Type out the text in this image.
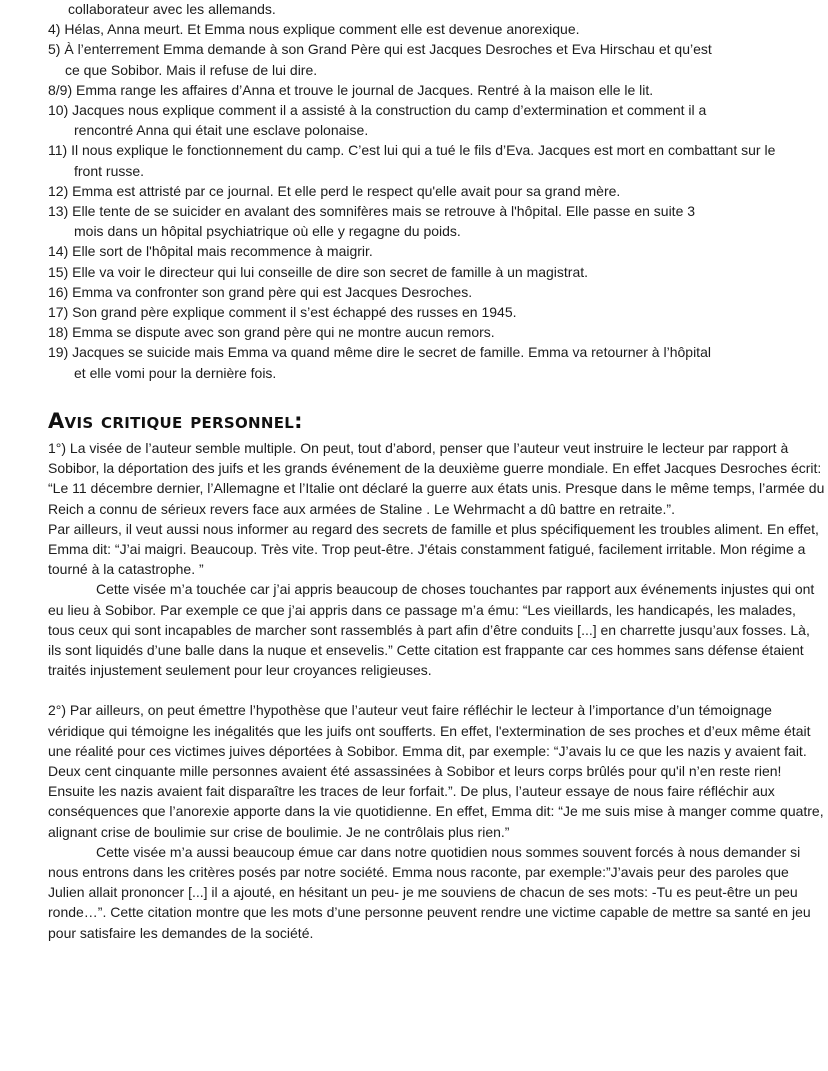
collaborateur avec les allemands.
4) Hélas, Anna meurt. Et Emma nous explique comment elle est devenue anorexique.
5) À l’enterrement Emma demande à son Grand Père qui est Jacques Desroches et Eva Hirschau et qu’est
ce que Sobibor. Mais il refuse de lui dire.
8/9) Emma range les affaires d’Anna et trouve le journal de Jacques. Rentré à la maison elle le lit.
10) Jacques nous explique comment il a assisté à la construction du camp d’extermination et comment il a
rencontré Anna qui était une esclave polonaise.
11) Il nous explique le fonctionnement du camp. C’est lui qui a tué le fils d’Eva. Jacques est mort en combattant sur le
front russe.
12) Emma est attristé par ce journal. Et elle perd le respect qu'elle avait pour sa grand mère.
13) Elle tente de se suicider en avalant des somnifères mais se retrouve à l'hôpital. Elle passe en suite 3
mois dans un hôpital psychiatrique où elle y regagne du poids.
14) Elle sort de l'hôpital mais recommence à maigrir.
15) Elle va voir le directeur qui lui conseille de dire son secret de famille à un magistrat.
16) Emma va confronter son grand père qui est Jacques Desroches.
17) Son grand père explique comment il s’est échappé des russes en 1945.
18) Emma se dispute avec son grand père qui ne montre aucun remors.
19) Jacques se suicide mais Emma va quand même dire le secret de famille. Emma va retourner à l’hôpital
et elle vomi pour la dernière fois.
Avis critique personnel:

1°) La visée de l’auteur semble multiple. On peut, tout d’abord, penser que l’auteur veut instruire le lecteur par rapport à Sobibor, la déportation des juifs et les grands événement de la deuxième guerre mondiale. En effet Jacques Desroches écrit: “Le 11 décembre dernier, l’Allemagne et l’Italie ont déclaré la guerre aux états unis. Presque dans le même temps, l’armée du Reich a connu de sérieux revers face aux armées de Staline . Le Wehrmacht a dû battre en retraite.”.

Par ailleurs, il veut aussi nous informer au regard des secrets de famille et plus spécifiquement les troubles aliment. En effet, Emma dit: “J’ai maigri. Beaucoup. Très vite. Trop peut-être. J'étais constamment fatigué, facilement irritable. Mon régime a tourné à la catastrophe. ”

Cette visée m’a touchée car j’ai appris beaucoup de choses touchantes par rapport aux événements injustes qui ont eu lieu à Sobibor. Par exemple ce que j’ai appris dans ce passage m’a ému: “Les vieillards, les handicapés, les malades, tous ceux qui sont incapables de marcher sont rassemblés à part afin d’être conduits [...] en charrette jusqu’aux fosses. Là, ils sont liquidés d’une balle dans la nuque et ensevelis.” Cette citation est frappante car ces hommes sans défense étaient traités injustement seulement pour leur croyances religieuses.

2°) Par ailleurs, on peut émettre l’hypothèse que l’auteur veut faire réfléchir le lecteur à l’importance d’un témoignage véridique qui témoigne les inégalités que les juifs ont soufferts. En effet, l'extermination de ses proches et d’eux même était une réalité pour ces victimes juives déportées à Sobibor. Emma dit, par exemple: “J’avais lu ce que les nazis y avaient fait. Deux cent cinquante mille personnes avaient été assassinées à Sobibor et leurs corps brûlés pour qu'il n’en reste rien! Ensuite les nazis avaient fait disparaître les traces de leur forfait.”. De plus, l’auteur essaye de nous faire réfléchir aux conséquences que l’anorexie apporte dans la vie quotidienne. En effet, Emma dit: “Je me suis mise à manger comme quatre, alignant crise de boulimie sur crise de boulimie. Je ne contrôlais plus rien.”

Cette visée m’a aussi beaucoup émue car dans notre quotidien nous sommes souvent forcés à nous demander si nous entrons dans les critères posés par notre société. Emma nous raconte, par exemple:”J’avais peur des paroles que Julien allait prononcer [...] il a ajouté, en hésitant un peu- je me souviens de chacun de ses mots: -Tu es peut-être un peu ronde…”. Cette citation montre que les mots d’une personne peuvent rendre une victime capable de mettre sa santé en jeu pour satisfaire les demandes de la société.
